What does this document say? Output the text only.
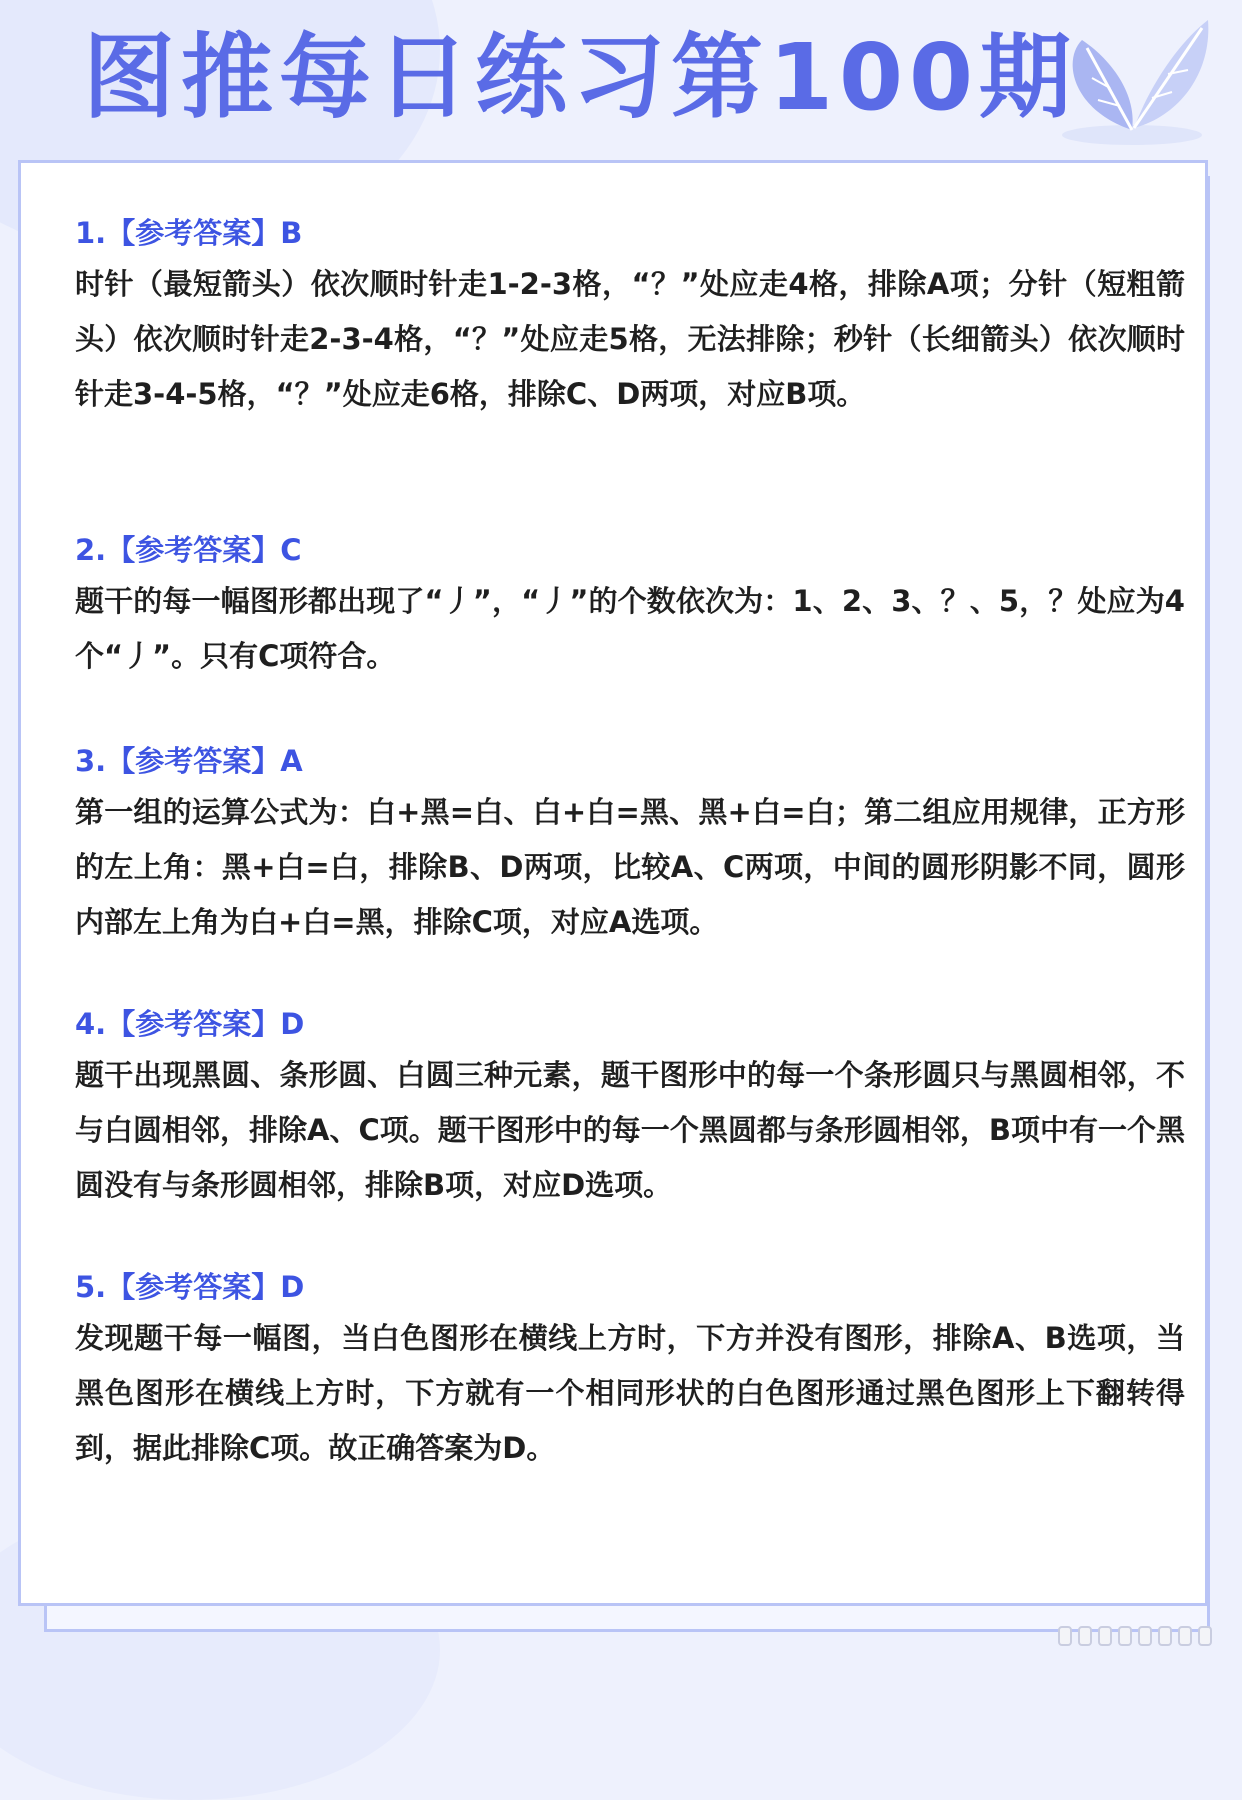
图推每日练习第100期

1.【参考答案】B

时针（最短箭头）依次顺时针走1-2-3格，“？”处应走4格，排除A项；分针（短粗箭头）依次顺时针走2-3-4格，“？”处应走5格，无法排除；秒针（长细箭头）依次顺时针走3-4-5格，“？”处应走6格，排除C、D两项，对应B项。

2.【参考答案】C

题干的每一幅图形都出现了“丿”，“丿”的个数依次为：1、2、3、？、5，？处应为4个“丿”。只有C项符合。

3.【参考答案】A

第一组的运算公式为：白+黑=白、白+白=黑、黑+白=白；第二组应用规律，正方形的左上角：黑+白=白，排除B、D两项，比较A、C两项，中间的圆形阴影不同，圆形内部左上角为白+白=黑，排除C项，对应A选项。

4.【参考答案】D

题干出现黑圆、条形圆、白圆三种元素，题干图形中的每一个条形圆只与黑圆相邻，不与白圆相邻，排除A、C项。题干图形中的每一个黑圆都与条形圆相邻，B项中有一个黑圆没有与条形圆相邻，排除B项，对应D选项。

5.【参考答案】D

发现题干每一幅图，当白色图形在横线上方时，下方并没有图形，排除A、B选项，当黑色图形在横线上方时，下方就有一个相同形状的白色图形通过黑色图形上下翻转得到，据此排除C项。故正确答案为D。
